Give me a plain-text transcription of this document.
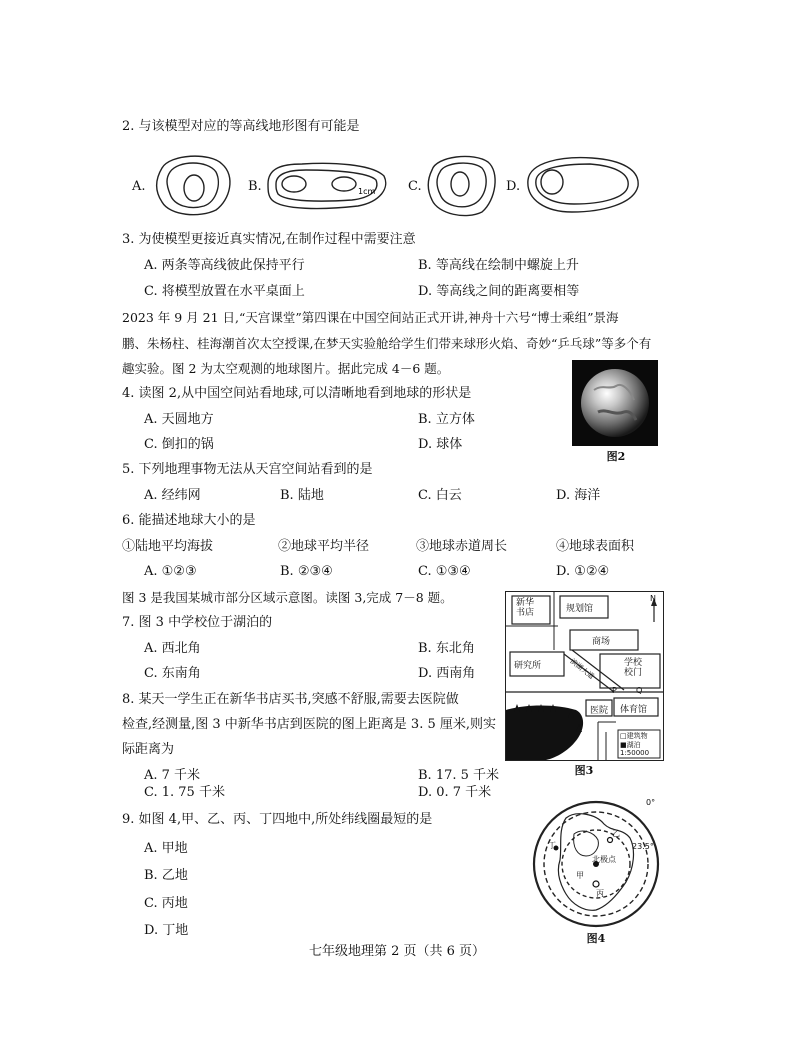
2. 与该模型对应的等高线地形图有可能是
A.	B.	1cm	C.	D.
3. 为使模型更接近真实情况,在制作过程中需要注意
A. 两条等高线彼此保持平行	B. 等高线在绘制中螺旋上升
C. 将模型放置在水平桌面上	D. 等高线之间的距离要相等
2023 年 9 月 21 日,“天宫课堂”第四课在中国空间站正式开讲,神舟十六号“博士乘组”景海
鹏、朱杨柱、桂海潮首次太空授课,在梦天实验舱给学生们带来球形火焰、奇妙“乒乓球”等多个有
趣实验。图 2 为太空观测的地球图片。据此完成 4－6 题。
4. 读图 2,从中国空间站看地球,可以清晰地看到地球的形状是
A. 天圆地方	B. 立方体
C. 倒扣的锅	D. 球体
图2
5. 下列地理事物无法从天宫空间站看到的是
A. 经纬网	B. 陆地	C. 白云	D. 海洋
6. 能描述地球大小的是
①陆地平均海拔	②地球平均半径	③地球赤道周长	④地球表面积
A. ①②③	B. ②③④	C. ①③④	D. ①②④
图 3 是我国某城市部分区域示意图。读图 3,完成 7－8 题。
7. 图 3 中学校位于湖泊的
A. 西北角	B. 东北角
C. 东南角	D. 西南角
8. 某天一学生正在新华书店买书,突感不舒服,需要去医院做
检查,经测量,图 3 中新华书店到医院的图上距离是 3. 5 厘米,则实
际距离为
A. 7 千米	B. 17. 5 千米
C. 1. 75 千米	D. 0. 7 千米
新华
书店	规划馆
N
商场
研究所	滨湖大道	学校
校门
P Q
医院 体育馆
□建筑物
■湖泊
1:50000
图3
9. 如图 4,甲、乙、丙、丁四地中,所处纬线圈最短的是
A. 甲地
B. 乙地
C. 丙地
D. 丁地
0°
23.5°
北极点
乙
丙
丁
甲
图4
七年级地理第 2 页（共 6 页）
